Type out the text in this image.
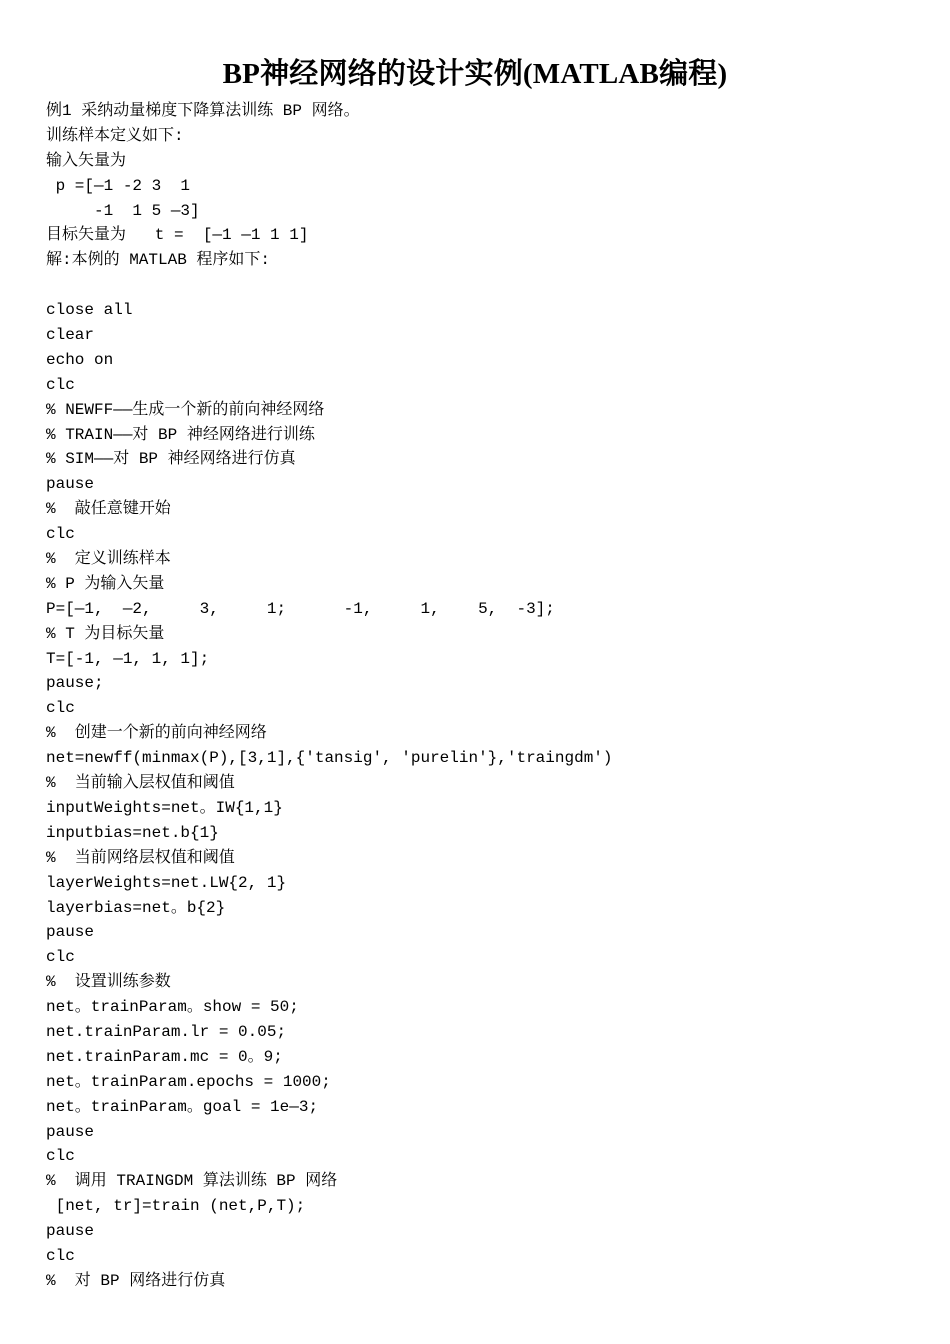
BP神经网络的设计实例(MATLAB编程)
例1 采纳动量梯度下降算法训练 BP 网络。
训练样本定义如下:
输入矢量为
p =[—1 -2 3  1
-1  1 5 —3]
目标矢量为   t =  [—1 —1 1 1]
解:本例的 MATLAB 程序如下:
close all
clear
echo on
clc
% NEWFF——生成一个新的前向神经网络
% TRAIN——对 BP 神经网络进行训练
% SIM——对 BP 神经网络进行仿真
pause
%  敲任意键开始
clc
%  定义训练样本
% P 为输入矢量
P=[—1,  —2,     3,     1;      -1,     1,    5,  -3];
% T 为目标矢量
T=[-1, —1, 1, 1];
pause;
clc
%  创建一个新的前向神经网络
net=newff(minmax(P),[3,1],{'tansig', 'purelin'},'traingdm')
%  当前输入层权值和阈值
inputWeights=net。IW{1,1}
inputbias=net.b{1}
%  当前网络层权值和阈值
layerWeights=net.LW{2, 1}
layerbias=net。b{2}
pause
clc
%  设置训练参数
net。trainParam。show = 50;
net.trainParam.lr = 0.05;
net.trainParam.mc = 0。9;
net。trainParam.epochs = 1000;
net。trainParam。goal = 1e—3;
pause
clc
%  调用 TRAINGDM 算法训练 BP 网络
[net, tr]=train (net,P,T);
pause
clc
%  对 BP 网络进行仿真
